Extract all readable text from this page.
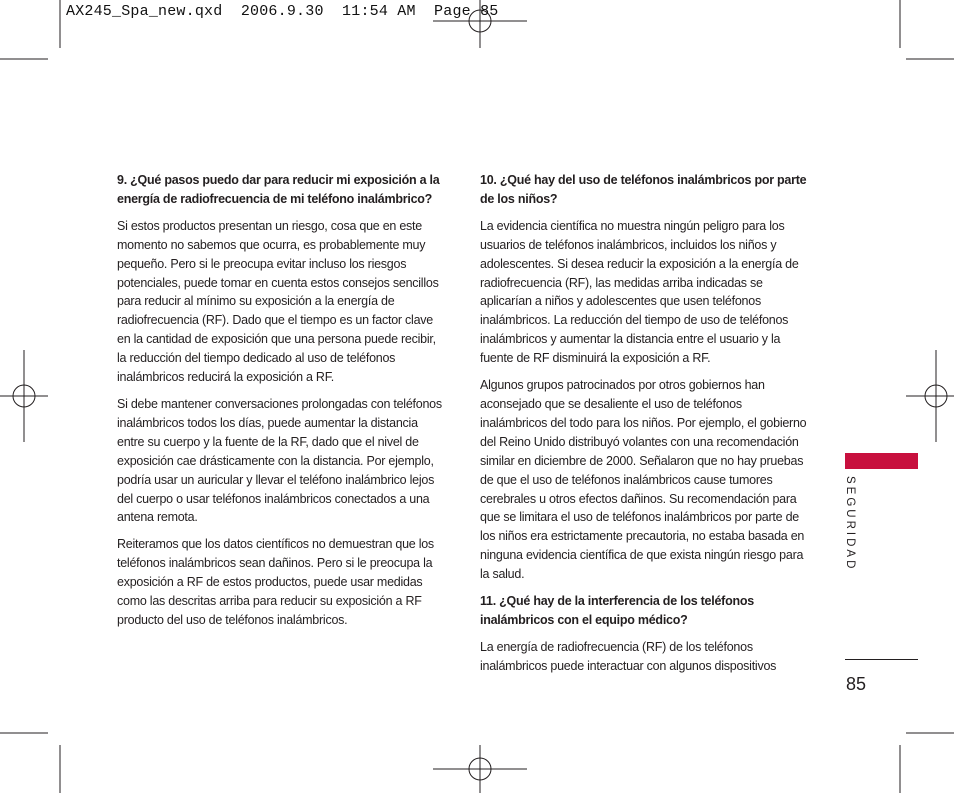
AX245_Spa_new.qxd  2006.9.30  11:54 AM  Page 85
9. ¿Qué pasos puedo dar para reducir mi exposición a la energía de radiofrecuencia de mi teléfono inalámbrico?

Si estos productos presentan un riesgo, cosa que en este momento no sabemos que ocurra, es probablemente muy pequeño. Pero si le preocupa evitar incluso los riesgos potenciales, puede tomar en cuenta estos consejos sencillos para reducir al mínimo su exposición a la energía de radiofrecuencia (RF). Dado que el tiempo es un factor clave en la cantidad de exposición que una persona puede recibir, la reducción del tiempo dedicado al uso de teléfonos inalámbricos reducirá la exposición a RF.

Si debe mantener conversaciones prolongadas con teléfonos inalámbricos todos los días, puede aumentar la distancia entre su cuerpo y la fuente de la RF, dado que el nivel de exposición cae drásticamente con la distancia. Por ejemplo, podría usar un auricular y llevar el teléfono inalámbrico lejos del cuerpo o usar teléfonos inalámbricos conectados a una antena remota.

Reiteramos que los datos científicos no demuestran que los teléfonos inalámbricos sean dañinos. Pero si le preocupa la exposición a RF de estos productos, puede usar medidas como las descritas arriba para reducir su exposición a RF producto del uso de teléfonos inalámbricos.

10. ¿Qué hay del uso de teléfonos inalámbricos por parte de los niños?

La evidencia científica no muestra ningún peligro para los usuarios de teléfonos inalámbricos, incluidos los niños y adolescentes. Si desea reducir la exposición a la energía de radiofrecuencia (RF), las medidas arriba indicadas se aplicarían a niños y adolescentes que usen teléfonos inalámbricos. La reducción del tiempo de uso de teléfonos inalámbricos y aumentar la distancia entre el usuario y la fuente de RF disminuirá la exposición a RF.

Algunos grupos patrocinados por otros gobiernos han aconsejado que se desaliente el uso de teléfonos inalámbricos del todo para los niños. Por ejemplo, el gobierno del Reino Unido distribuyó volantes con una recomendación similar en diciembre de 2000. Señalaron que no hay pruebas de que el uso de teléfonos inalámbricos cause tumores cerebrales u otros efectos dañinos. Su recomendación para que se limitara el uso de teléfonos inalámbricos por parte de los niños era estrictamente precautoria, no estaba basada en ninguna evidencia científica de que exista ningún riesgo para la salud.

11. ¿Qué hay de la interferencia de los teléfonos inalámbricos con el equipo médico?

La energía de radiofrecuencia (RF) de los teléfonos inalámbricos puede interactuar con algunos dispositivos

SEGURIDAD
85
